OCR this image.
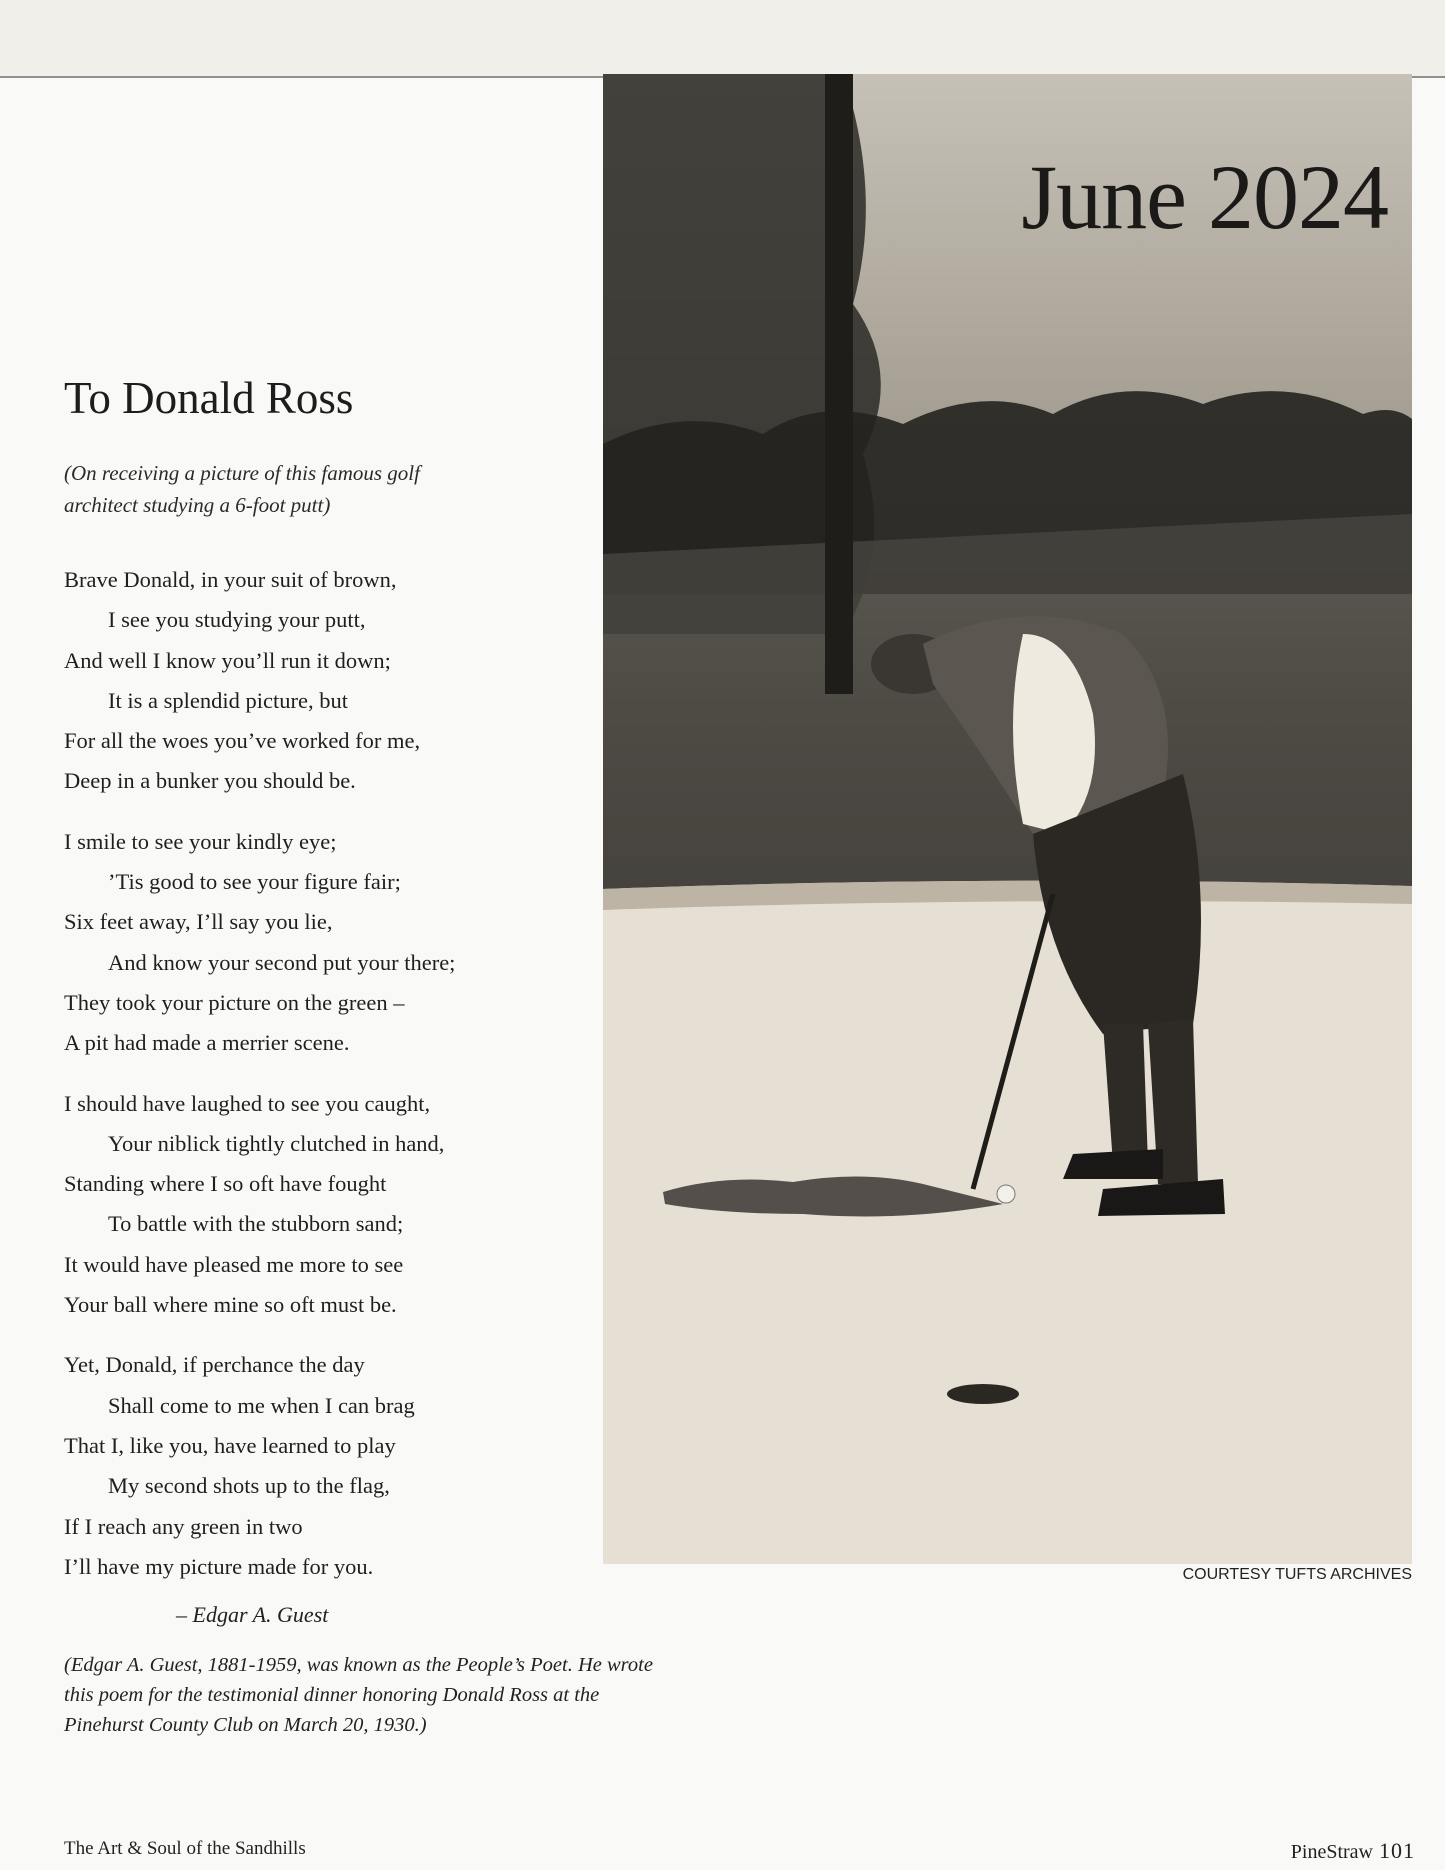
June 2024
COURTESY TUFTS ARCHIVES
To Donald Ross
(On receiving a picture of this famous golf architect studying a 6-foot putt)
Brave Donald, in your suit of brown,
I see you studying your putt,
And well I know you’ll run it down;
It is a splendid picture, but
For all the woes you’ve worked for me,
Deep in a bunker you should be.
I smile to see your kindly eye;
’Tis good to see your figure fair;
Six feet away, I’ll say you lie,
And know your second put your there;
They took your picture on the green –
A pit had made a merrier scene.
I should have laughed to see you caught,
Your niblick tightly clutched in hand,
Standing where I so oft have fought
To battle with the stubborn sand;
It would have pleased me more to see
Your ball where mine so oft must be.
Yet, Donald, if perchance the day
Shall come to me when I can brag
That I, like you, have learned to play
My second shots up to the flag,
If I reach any green in two
I’ll have my picture made for you.
– Edgar A. Guest
(Edgar A. Guest, 1881-1959, was known as the People’s Poet. He wrote this poem for the testimonial dinner honoring Donald Ross at the Pinehurst County Club on March 20, 1930.)
The Art & Soul of the Sandhills	PineStraw 101
